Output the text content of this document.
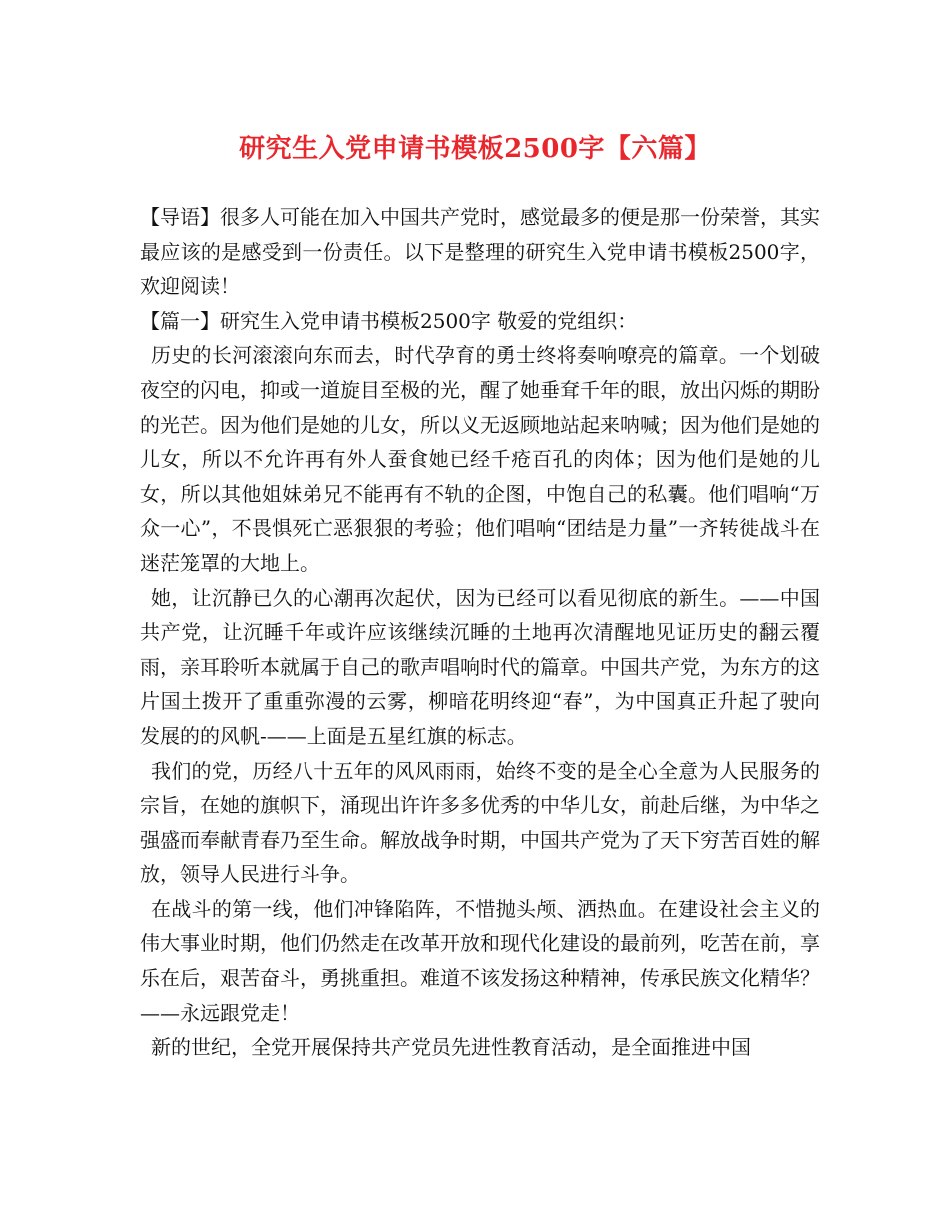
研究生入党申请书模板2500字【六篇】

【导语】很多人可能在加入中国共产党时，感觉最多的便是那一份荣誉，其实最应该的是感受到一份责任。以下是整理的研究生入党申请书模板2500字，欢迎阅读！

【篇一】研究生入党申请书模板2500字 敬爱的党组织：

历史的长河滚滚向东而去，时代孕育的勇士终将奏响嘹亮的篇章。一个划破夜空的闪电，抑或一道旋目至极的光，醒了她垂耷千年的眼，放出闪烁的期盼的光芒。因为他们是她的儿女，所以义无返顾地站起来呐喊；因为他们是她的儿女，所以不允许再有外人蚕食她已经千疮百孔的肉体；因为他们是她的儿女，所以其他姐妹弟兄不能再有不轨的企图，中饱自己的私囊。他们唱响“万众一心”，不畏惧死亡恶狠狠的考验；他们唱响“团结是力量”一齐转徙战斗在迷茫笼罩的大地上。

她，让沉静已久的心潮再次起伏，因为已经可以看见彻底的新生。——中国共产党，让沉睡千年或许应该继续沉睡的土地再次清醒地见证历史的翻云覆雨，亲耳聆听本就属于自己的歌声唱响时代的篇章。中国共产党，为东方的这片国土拨开了重重弥漫的云雾，柳暗花明终迎“春”，为中国真正升起了驶向发展的的风帆-——上面是五星红旗的标志。

我们的党，历经八十五年的风风雨雨，始终不变的是全心全意为人民服务的宗旨，在她的旗帜下，涌现出许许多多优秀的中华儿女，前赴后继，为中华之强盛而奉献青春乃至生命。解放战争时期，中国共产党为了天下穷苦百姓的解放，领导人民进行斗争。

在战斗的第一线，他们冲锋陷阵，不惜抛头颅、洒热血。在建设社会主义的伟大事业时期，他们仍然走在改革开放和现代化建设的最前列，吃苦在前，享乐在后，艰苦奋斗，勇挑重担。难道不该发扬这种精神，传承民族文化精华？——永远跟党走！

新的世纪，全党开展保持共产党员先进性教育活动，是全面推进中国
